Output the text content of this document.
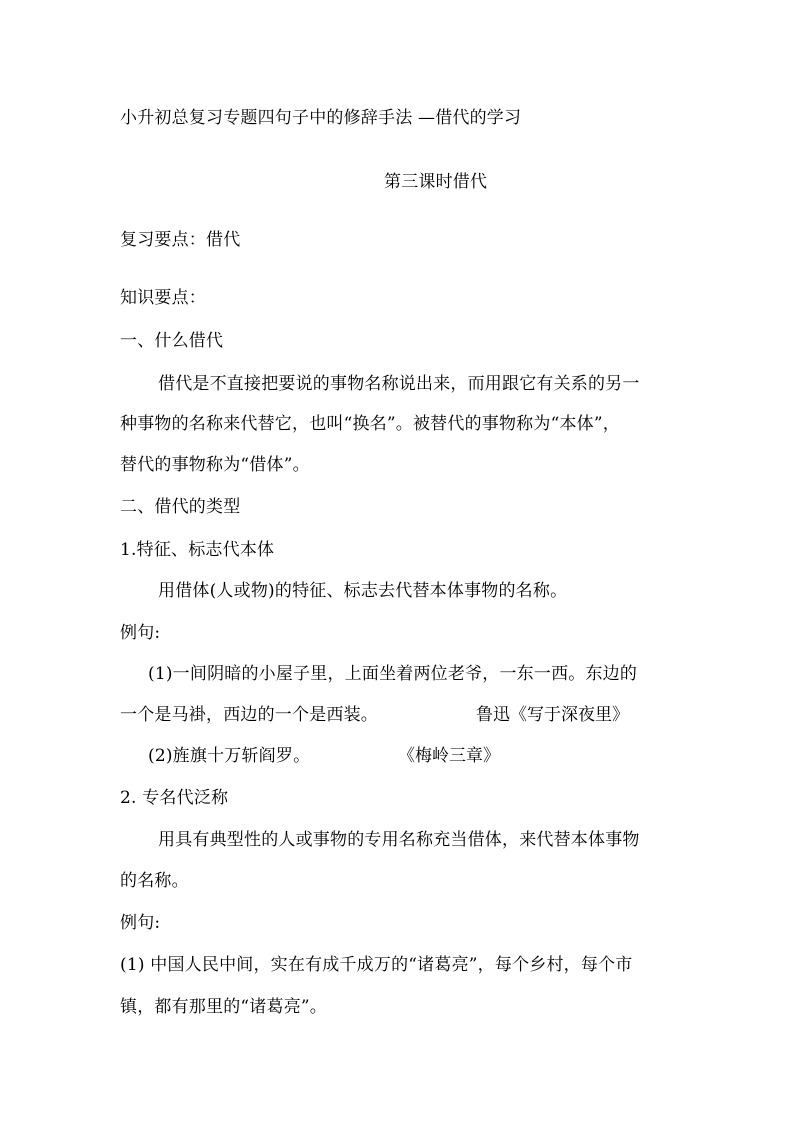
小升初总复习专题四句子中的修辞手法 —借代的学习
第三课时借代
复习要点：借代
知识要点：
一、什么借代
借代是不直接把要说的事物名称说出来，而用跟它有关系的另一
种事物的名称来代替它，也叫“换名”。被替代的事物称为“本体”，
替代的事物称为“借体”。
二、借代的类型
1.特征、标志代本体
用借体(人或物)的特征、标志去代替本体事物的名称。
例句:
(1)一间阴暗的小屋子里，上面坐着两位老爷，一东一西。东边的
一个是马褂，西边的一个是西装。	鲁迅《写于深夜里》
(2)旌旗十万斩阎罗。	《梅岭三章》
2. 专名代泛称
用具有典型性的人或事物的专用名称充当借体，来代替本体事物
的名称。
例句:
(1) 中国人民中间，实在有成千成万的“诸葛亮”，每个乡村，每个市
镇，都有那里的“诸葛亮”。
